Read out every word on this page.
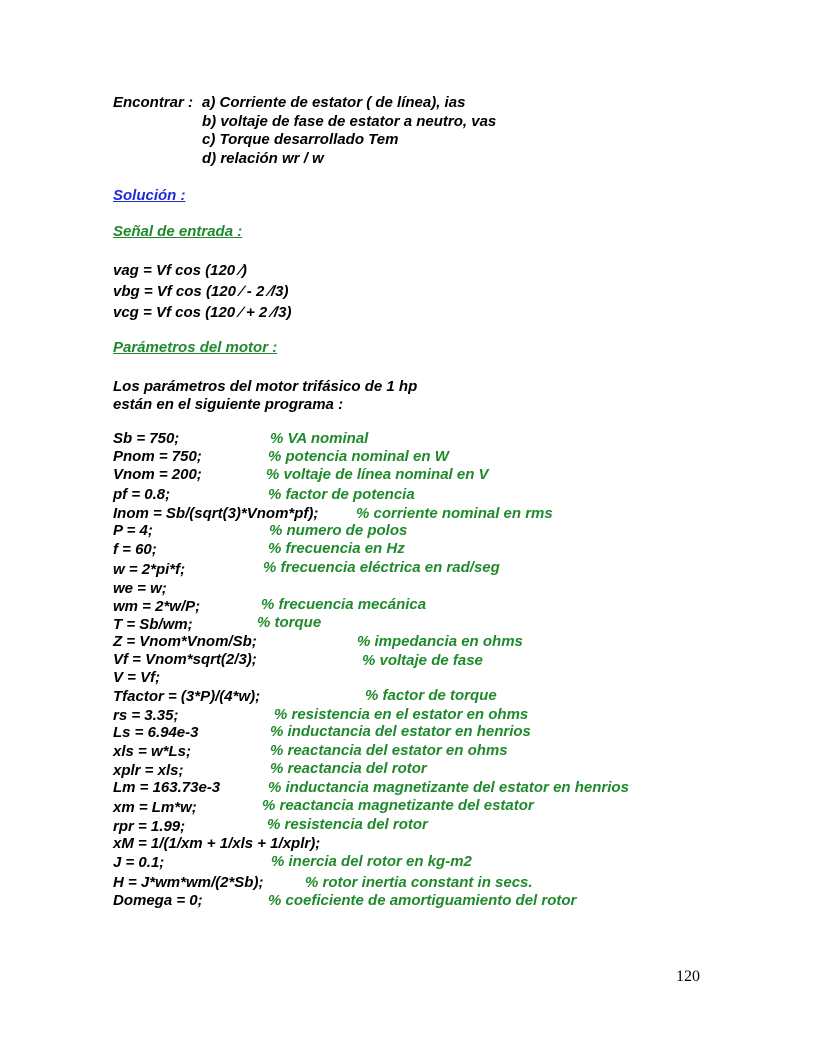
Encontrar : a) Corriente de estator ( de línea), ias
b) voltaje de fase de estator a neutro, vas
c) Torque desarrollado Tem
d) relación wr / w
Solución :
Señal de entrada :
vag = Vf cos (120 ∕)
vbg = Vf cos (120 ∕ - 2 ∕/3)
vcg = Vf cos (120 ∕ + 2 ∕/3)
Parámetros del motor :
Los parámetros del motor trifásico de 1 hp
están en el siguiente programa :
Sb = 750;	% VA nominal
Pnom = 750;	% potencia nominal en W
Vnom = 200;	% voltaje de línea nominal en V
pf = 0.8;	% factor de potencia
Inom = Sb/(sqrt(3)*Vnom*pf);	% corriente nominal en rms
P = 4;	% numero de polos
f = 60;	% frecuencia en Hz
w = 2*pi*f;	% frecuencia eléctrica en rad/seg
we = w;
wm = 2*w/P;	% frecuencia mecánica
T = Sb/wm;	% torque
Z = Vnom*Vnom/Sb;	% impedancia en ohms
Vf = Vnom*sqrt(2/3);	% voltaje de fase
V = Vf;
Tfactor = (3*P)/(4*w);	% factor de torque
rs = 3.35;	% resistencia en el estator en ohms
Ls = 6.94e-3	% inductancia del estator en henrios
xls = w*Ls;	% reactancia del estator en ohms
xplr = xls;	% reactancia del rotor
Lm = 163.73e-3	% inductancia magnetizante del estator en henrios
xm = Lm*w;	% reactancia magnetizante del estator
rpr = 1.99;	% resistencia del rotor
xM = 1/(1/xm + 1/xls + 1/xplr);
J = 0.1;	% inercia del rotor en kg-m2
H = J*wm*wm/(2*Sb);	% rotor inertia constant in secs.
Domega = 0;	% coeficiente de amortiguamiento del rotor
120
